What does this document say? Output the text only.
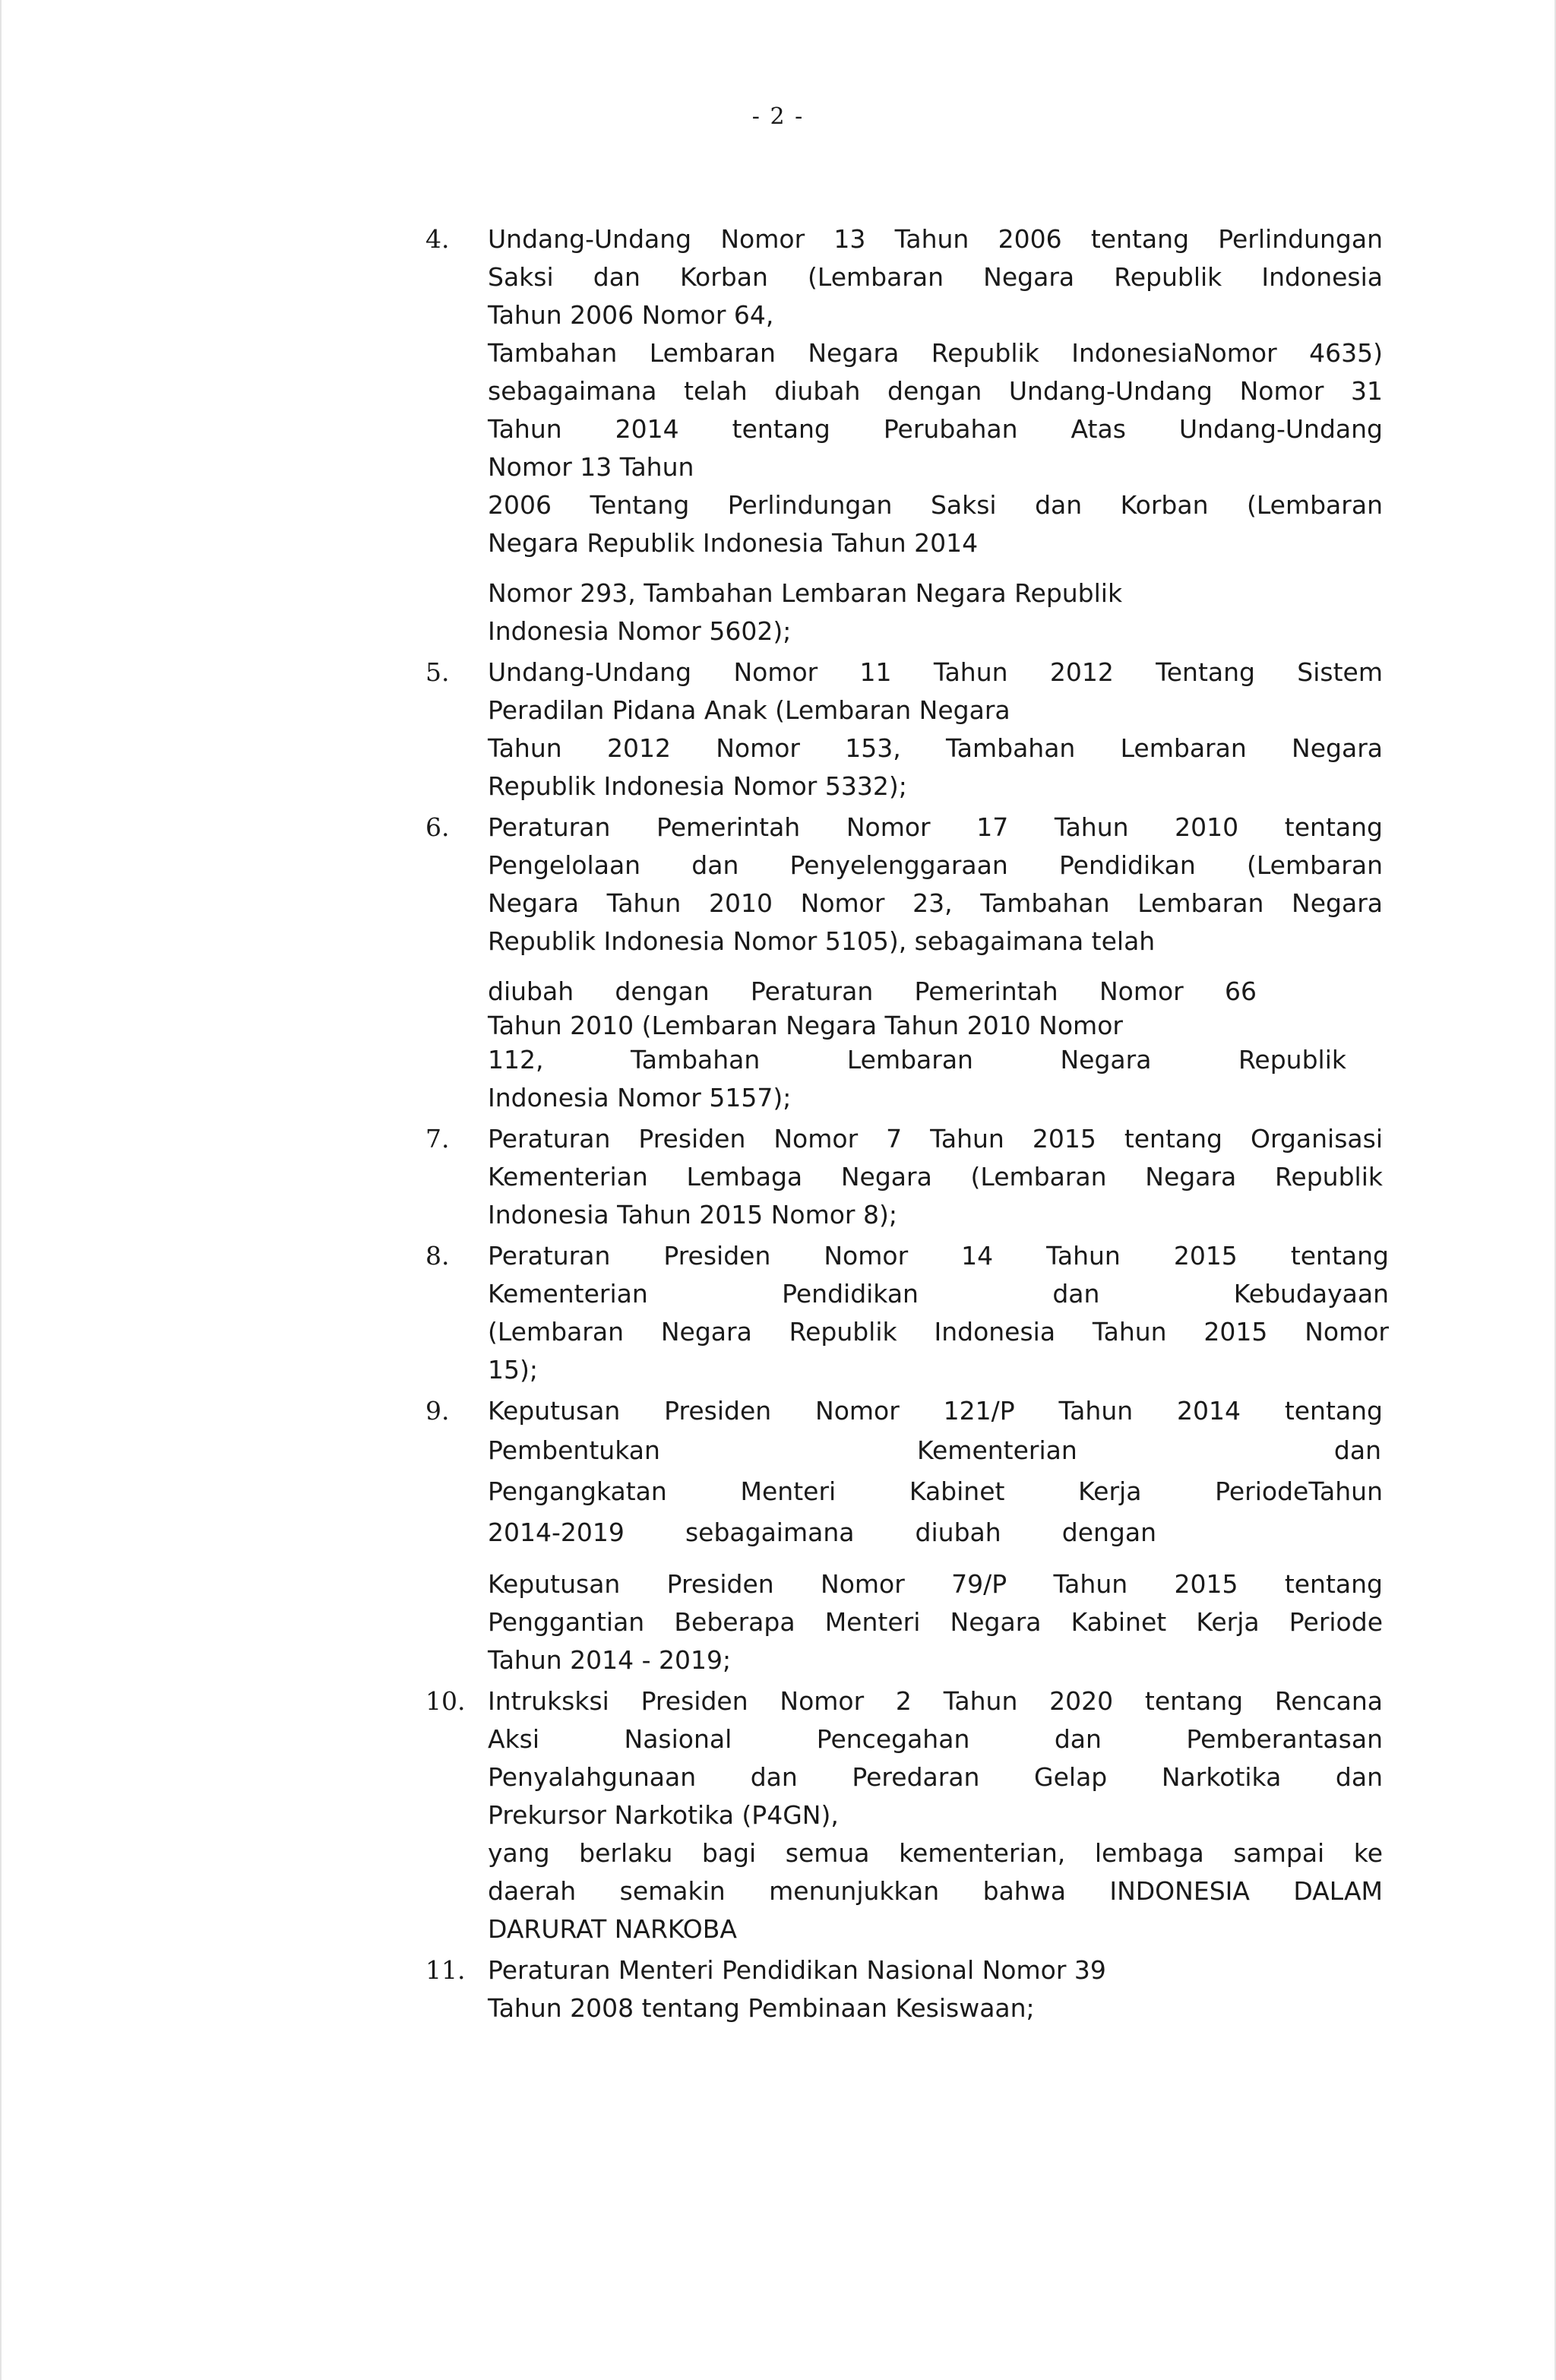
- 2 -
4.	Undang-Undang Nomor 13 Tahun 2006 tentang Perlindungan
Saksi dan Korban (Lembaran Negara Republik Indonesia
Tahun 2006 Nomor 64,
Tambahan Lembaran Negara Republik IndonesiaNomor 4635)
sebagaimana telah diubah dengan Undang-Undang Nomor 31
Tahun 2014 tentang Perubahan Atas Undang-Undang
Nomor 13 Tahun
2006 Tentang Perlindungan Saksi dan Korban (Lembaran
Negara Republik Indonesia Tahun 2014
Nomor 293, Tambahan Lembaran Negara Republik
Indonesia Nomor 5602);
5.	Undang-Undang Nomor 11 Tahun 2012 Tentang Sistem
Peradilan Pidana Anak (Lembaran Negara
Tahun 2012 Nomor 153, Tambahan Lembaran Negara
Republik Indonesia Nomor 5332);
6.	Peraturan Pemerintah Nomor 17 Tahun 2010 tentang
Pengelolaan dan Penyelenggaraan Pendidikan (Lembaran
Negara Tahun 2010 Nomor 23, Tambahan Lembaran Negara
Republik Indonesia Nomor 5105), sebagaimana telah
diubah dengan Peraturan Pemerintah Nomor 66
Tahun 2010 (Lembaran Negara Tahun 2010 Nomor
112, Tambahan Lembaran Negara Republik
Indonesia Nomor 5157);
7.	Peraturan Presiden Nomor 7 Tahun 2015 tentang Organisasi
Kementerian Lembaga Negara (Lembaran Negara Republik
Indonesia Tahun 2015 Nomor 8);
8.	Peraturan Presiden Nomor 14 Tahun 2015 tentang
Kementerian Pendidikan dan Kebudayaan
(Lembaran Negara Republik Indonesia Tahun 2015 Nomor
15);
9.	Keputusan Presiden Nomor 121/P Tahun 2014 tentang
Pembentukan Kementerian dan
Pengangkatan Menteri Kabinet Kerja PeriodeTahun
2014-2019 sebagaimana diubah dengan
Keputusan Presiden Nomor 79/P Tahun 2015 tentang
Penggantian Beberapa Menteri Negara Kabinet Kerja Periode
Tahun 2014 - 2019;
10. Intruksksi Presiden Nomor 2 Tahun 2020 tentang Rencana
Aksi Nasional Pencegahan dan Pemberantasan
Penyalahgunaan dan Peredaran Gelap Narkotika dan
Prekursor Narkotika (P4GN),
yang berlaku bagi semua kementerian, lembaga sampai ke
daerah semakin menunjukkan bahwa INDONESIA DALAM
DARURAT NARKOBA
11. Peraturan Menteri Pendidikan Nasional Nomor 39
Tahun 2008 tentang Pembinaan Kesiswaan;
